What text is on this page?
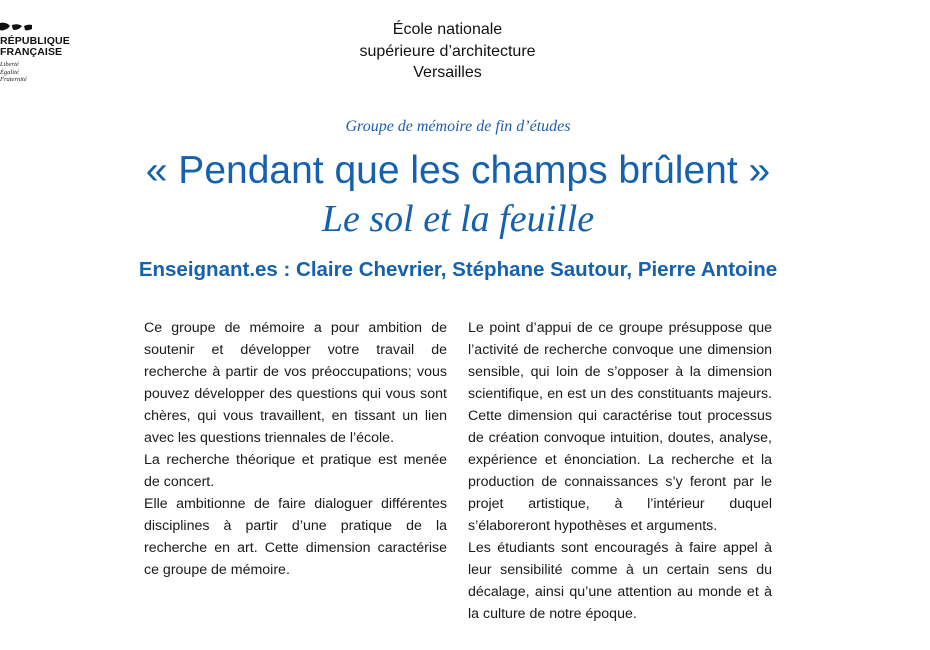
RÉPUBLIQUE
FRANÇAISE
Liberté
Égalité
Fraternité
École nationale
supérieure d’architecture
Versailles
Groupe de mémoire de fin d’études
« Pendant que les champs brûlent »
Le sol et la feuille
Enseignant.es : Claire Chevrier, Stéphane Sautour, Pierre Antoine

Ce groupe de mémoire a pour ambition de soutenir et développer votre travail de recherche à partir de vos préoccupations; vous pouvez développer des questions qui vous sont chères, qui vous travaillent, en tissant un lien avec les questions triennales de l’école.

La recherche théorique et pratique est menée de concert.

Elle ambitionne de faire dialoguer différentes disciplines à partir d’une pratique de la recherche en art. Cette dimension caractérise ce groupe de mémoire.

Le point d’appui de ce groupe présuppose que l’activité de recherche convoque une dimension sensible, qui loin de s’opposer à la dimension scientifique, en est un des constituants majeurs. Cette dimension qui caractérise tout processus de création convoque intuition, doutes, analyse, expérience et énonciation. La recherche et la production de connaissances s’y feront par le projet artistique, à l’intérieur duquel s’élaboreront hypothèses et arguments.

Les étudiants sont encouragés à faire appel à leur sensibilité comme à un certain sens du décalage, ainsi qu’une attention au monde et à la culture de notre époque.
